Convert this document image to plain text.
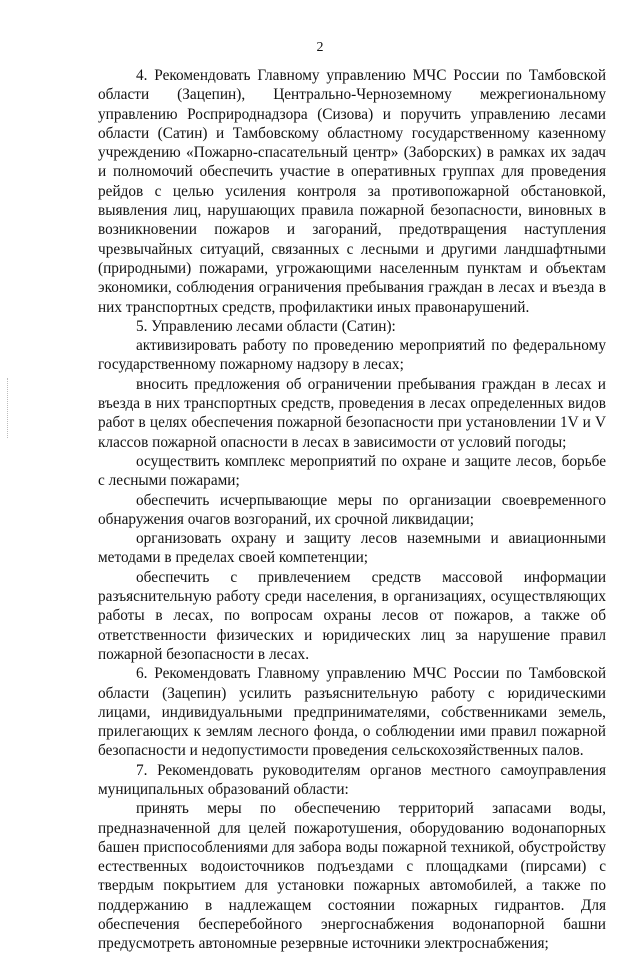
2

4. Рекомендовать Главному управлению МЧС России по Тамбовской области (Зацепин), Центрально-Черноземному межрегиональному управлению Росприроднадзора (Сизова) и поручить управлению лесами области (Сатин) и Тамбовскому областному государственному казенному учреждению «Пожарно-спасательный центр» (Заборских) в рамках их задач и полномочий обеспечить участие в оперативных группах для проведения рейдов с целью усиления контроля за противопожарной обстановкой, выявления лиц, нарушающих правила пожарной безопасности, виновных в возникновении пожаров и загораний, предотвращения наступления чрезвычайных ситуаций, связанных с лесными и другими ландшафтными (природными) пожарами, угрожающими населенным пунктам и объектам экономики, соблюдения ограничения пребывания граждан в лесах и въезда в них транспортных средств, профилактики иных правонарушений.

5. Управлению лесами области (Сатин):

активизировать работу по проведению мероприятий по федеральному государственному пожарному надзору в лесах;

вносить предложения об ограничении пребывания граждан в лесах и въезда в них транспортных средств, проведения в лесах определенных видов работ в целях обеспечения пожарной безопасности при установлении 1V и V классов пожарной опасности в лесах в зависимости от условий погоды;

осуществить комплекс мероприятий по охране и защите лесов, борьбе с лесными пожарами;

обеспечить исчерпывающие меры по организации своевременного обнаружения очагов возгораний, их срочной ликвидации;

организовать охрану и защиту лесов наземными и авиационными методами в пределах своей компетенции;

обеспечить с привлечением средств массовой информации разъяснительную работу среди населения, в организациях, осуществляющих работы в лесах, по вопросам охраны лесов от пожаров, а также об ответственности физических и юридических лиц за нарушение правил пожарной безопасности в лесах.

6. Рекомендовать Главному управлению МЧС России по Тамбовской области (Зацепин) усилить разъяснительную работу с юридическими лицами, индивидуальными предпринимателями, собственниками земель, прилегающих к землям лесного фонда, о соблюдении ими правил пожарной безопасности и недопустимости проведения сельскохозяйственных палов.

7. Рекомендовать руководителям органов местного самоуправления муниципальных образований области:

принять меры по обеспечению территорий запасами воды, предназначенной для целей пожаротушения, оборудованию водонапорных башен приспособлениями для забора воды пожарной техникой, обустройству естественных водоисточников подъездами с площадками (пирсами) с твердым покрытием для установки пожарных автомобилей, а также по поддержанию в надлежащем состоянии пожарных гидрантов. Для обеспечения бесперебойного энергоснабжения водонапорной башни предусмотреть автономные резервные источники электроснабжения;
